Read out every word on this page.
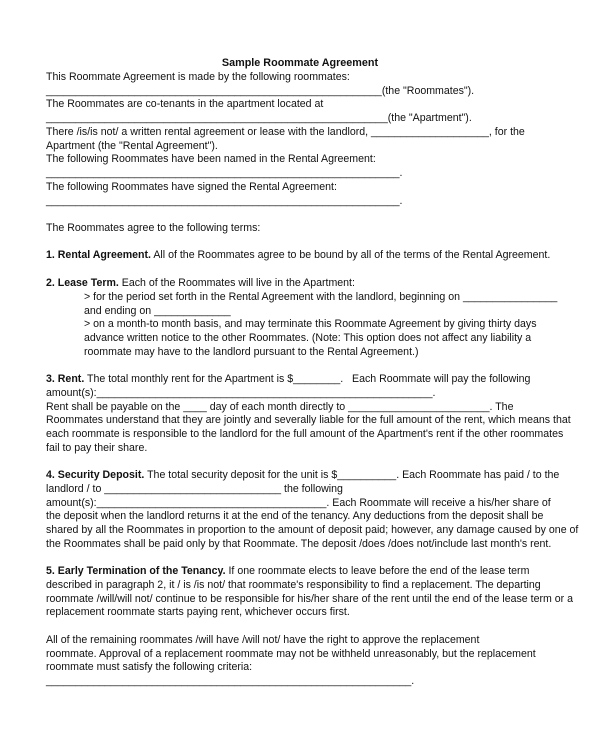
Sample Roommate Agreement
This Roommate Agreement is made by the following roommates:
_________________________________________________________(the "Roommates").
The Roommates are co-tenants in the apartment located at
__________________________________________________________(the "Apartment").
There /is/is not/ a written rental agreement or lease with the landlord, ____________________, for the
Apartment (the "Rental Agreement").
The following Roommates have been named in the Rental Agreement:
____________________________________________________________.
The following Roommates have signed the Rental Agreement:
____________________________________________________________.
The Roommates agree to the following terms:
1. Rental Agreement. All of the Roommates agree to be bound by all of the terms of the Rental Agreement.
2. Lease Term. Each of the Roommates will live in the Apartment:
> for the period set forth in the Rental Agreement with the landlord, beginning on ________________
and ending on _____________
> on a month-to month basis, and may terminate this Roommate Agreement by giving thirty days
advance written notice to the other Roommates. (Note: This option does not affect any liability a
roommate may have to the landlord pursuant to the Rental Agreement.)
3. Rent. The total monthly rent for the Apartment is $________.   Each Roommate will pay the following
amount(s):_________________________________________________________.
Rent shall be payable on the ____ day of each month directly to ________________________. The
Roommates understand that they are jointly and severally liable for the full amount of the rent, which means that
each roommate is responsible to the landlord for the full amount of the Apartment's rent if the other roommates
fail to pay their share.
4. Security Deposit. The total security deposit for the unit is $__________. Each Roommate has paid / to the
landlord / to ______________________________ the following
amount(s):_______________________________________. Each Roommate will receive a his/her share of
the deposit when the landlord returns it at the end of the tenancy. Any deductions from the deposit shall be
shared by all the Roommates in proportion to the amount of deposit paid; however, any damage caused by one of
the Roommates shall be paid only by that Roommate. The deposit /does /does not/include last month's rent.
5. Early Termination of the Tenancy. If one roommate elects to leave before the end of the lease term
described in paragraph 2, it / is /is not/ that roommate's responsibility to find a replacement. The departing
roommate /will/will not/ continue to be responsible for his/her share of the rent until the end of the lease term or a
replacement roommate starts paying rent, whichever occurs first.
All of the remaining roommates /will have /will not/ have the right to approve the replacement
roommate. Approval of a replacement roommate may not be withheld unreasonably, but the replacement
roommate must satisfy the following criteria:
______________________________________________________________.
